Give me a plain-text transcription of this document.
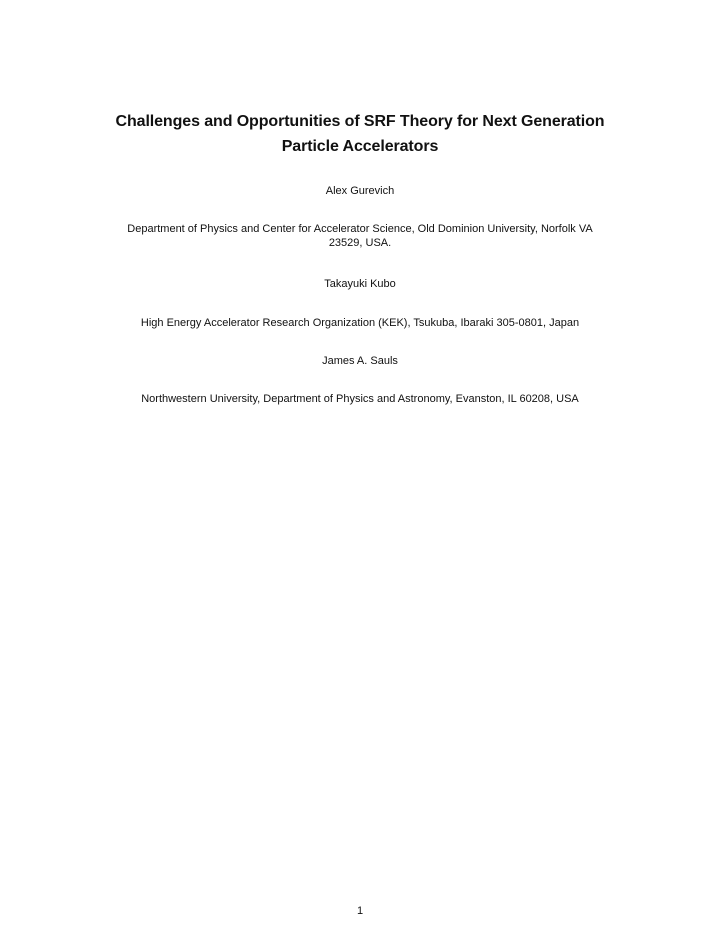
Challenges and Opportunities of SRF Theory for Next Generation
Particle Accelerators

Alex Gurevich

Department of Physics and Center for Accelerator Science, Old Dominion University, Norfolk VA
23529, USA.

Takayuki Kubo

High Energy Accelerator Research Organization (KEK), Tsukuba, Ibaraki 305-0801, Japan

James A. Sauls

Northwestern University, Department of Physics and Astronomy, Evanston, IL 60208, USA

1
